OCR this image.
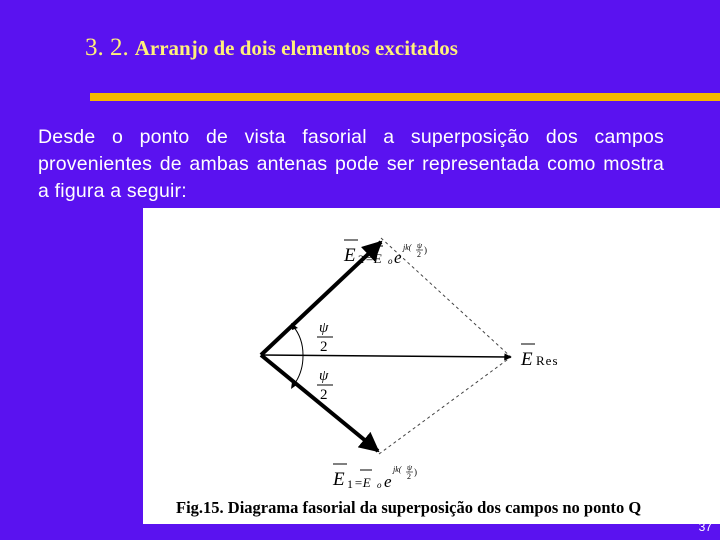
3. 2. Arranjo de dois elementos excitados
Desde o ponto de vista fasorial a superposição dos campos provenientes de ambas antenas pode ser representada como mostra a figura a seguir:
ψ
2
ψ
2
E 2 =E o e
jk( ψ
2 )
E 1 =E o e
jk( ψ
2 )
E Res
Fig.15. Diagrama fasorial da superposição dos campos no ponto Q
37
